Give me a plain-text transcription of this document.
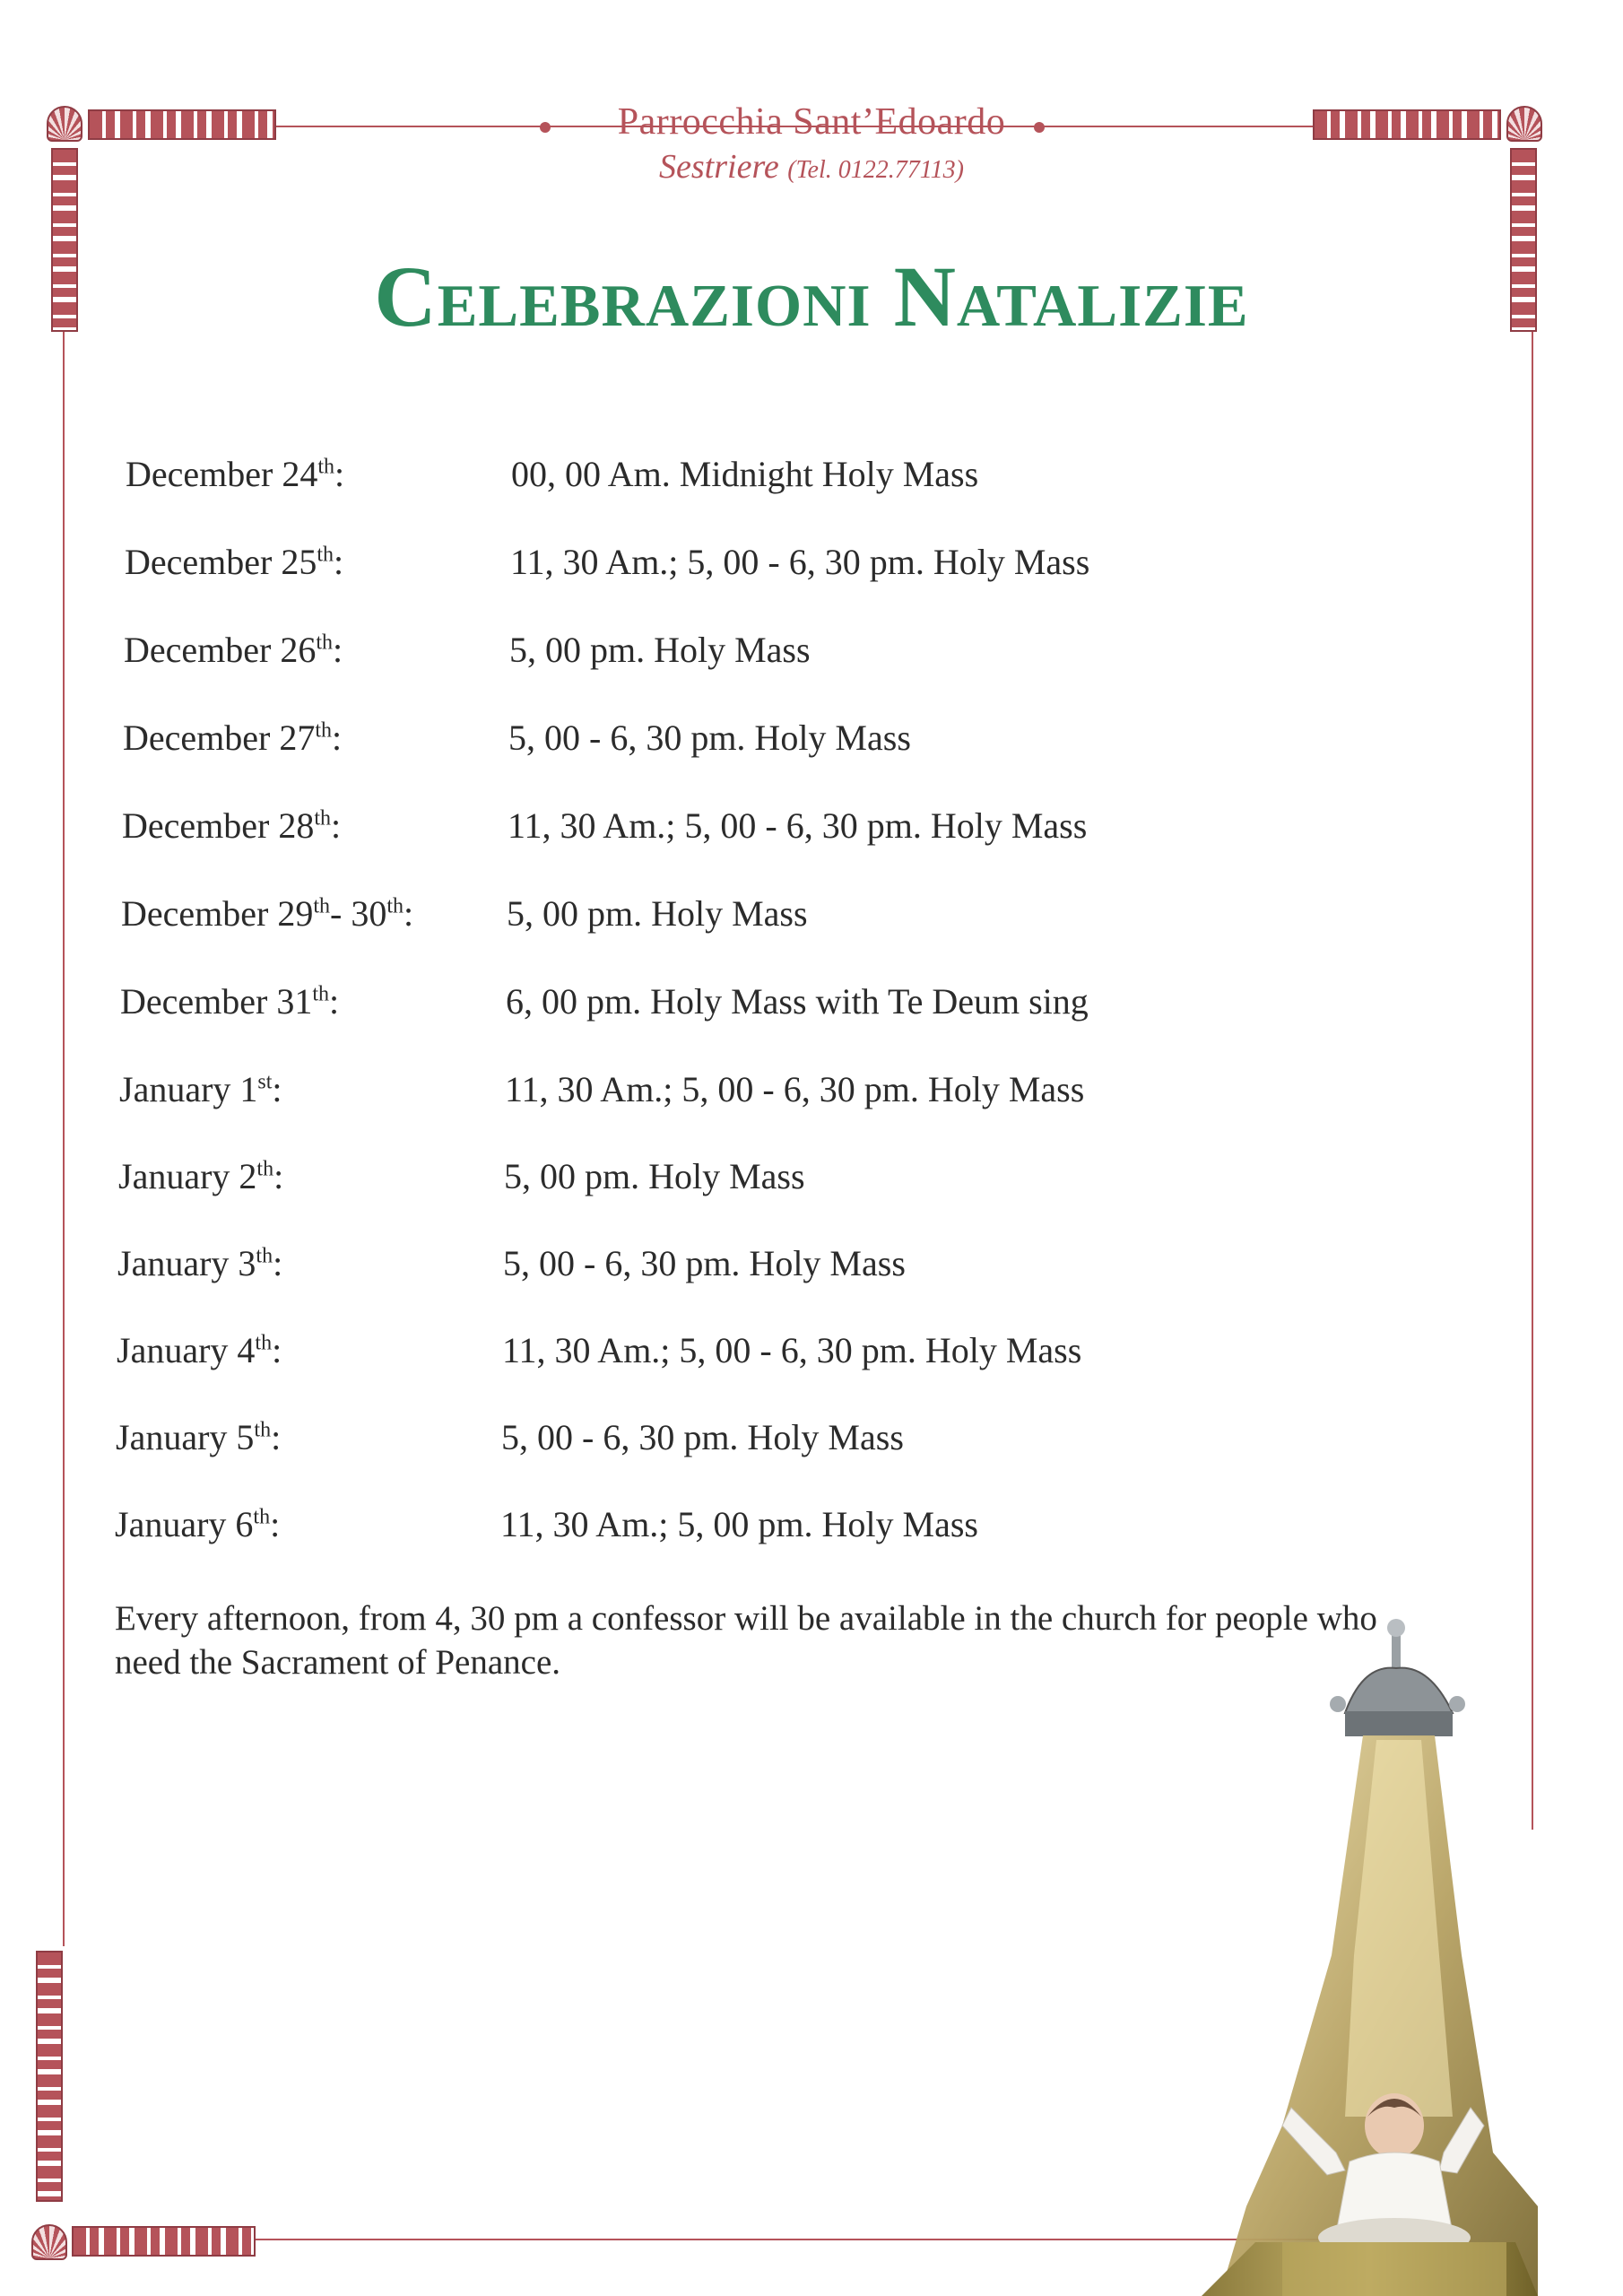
Parrocchia Sant’Edoardo
Sestriere (Tel. 0122.77113)
Celebrazioni Natalizie
December 24th:	00, 00 Am. Midnight Holy Mass
December 25th:	11, 30 Am.; 5, 00 - 6, 30 pm. Holy Mass
December 26th:	5, 00 pm. Holy Mass
December 27th:	5, 00 - 6, 30 pm. Holy Mass
December 28th:	11, 30 Am.; 5, 00 - 6, 30 pm. Holy Mass
December 29th- 30th:	5, 00 pm. Holy Mass
December 31th:	6, 00 pm. Holy Mass with Te Deum sing
January 1st:	11, 30 Am.; 5, 00 - 6, 30 pm. Holy Mass
January 2th:	5, 00 pm. Holy Mass
January 3th:	5, 00 - 6, 30 pm. Holy Mass
January 4th:	11, 30 Am.; 5, 00 - 6, 30 pm. Holy Mass
January 5th:	5, 00 - 6, 30 pm. Holy Mass
January 6th:	11, 30 Am.; 5, 00 pm. Holy Mass
Every afternoon, from 4, 30 pm a confessor will be available in the church for people who need the Sacrament of Penance.
